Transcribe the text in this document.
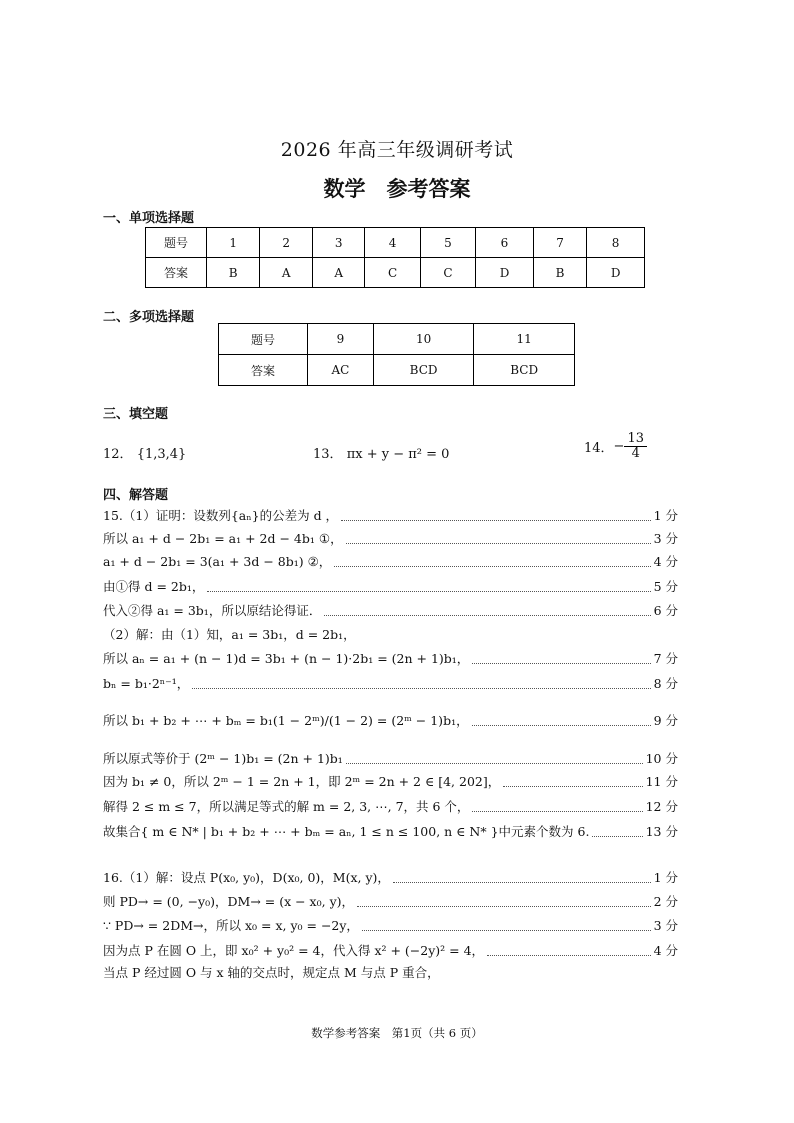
2026 年高三年级调研考试
数学　参考答案
一、单项选择题
题号	1	2	3	4	5	6	7	8
答案	B	A	A	C	C	D	B	D
二、多项选择题
题号	9	10	11
答案	AC	BCD	BCD
三、填空题
12． {1,3,4}	13． πx + y − π² = 0	14． − $\frac{13}{4}$
四、解答题
15.（1）证明：设数列{aₙ}的公差为 d ，	1 分
所以 a₁ + d − 2b₁ = a₁ + 2d − 4b₁ ①，	3 分
a₁ + d − 2b₁ = 3(a₁ + 3d − 8b₁) ②，	4 分
由①得 d = 2b₁，	5 分
代入②得 a₁ = 3b₁，所以原结论得证．	6 分
（2）解：由（1）知，a₁ = 3b₁，d = 2b₁，
所以 aₙ = a₁ + (n − 1)d = 3b₁ + (n − 1)·2b₁ = (2n + 1)b₁，	7 分
bₙ = b₁·2ⁿ⁻¹，	8 分
所以 b₁ + b₂ + ⋯ + bₘ = b₁(1 − 2ᵐ)/(1 − 2) = (2ᵐ − 1)b₁，	9 分
所以原式等价于 (2ᵐ − 1)b₁ = (2n + 1)b₁	10 分
因为 b₁ ≠ 0，所以 2ᵐ − 1 = 2n + 1，即 2ᵐ = 2n + 2 ∈ [4, 202]，	11 分
解得 2 ≤ m ≤ 7，所以满足等式的解 m = 2, 3, ⋯, 7，共 6 个，	12 分
故集合{ m ∈ N* | b₁ + b₂ + ⋯ + bₘ = aₙ, 1 ≤ n ≤ 100, n ∈ N* }中元素个数为 6.	13 分
16.（1）解：设点 P(x₀, y₀)，D(x₀, 0)，M(x, y)，	1 分
则 PD→ = (0, −y₀)，DM→ = (x − x₀, y)，	2 分
∵ PD→ = 2DM→，所以 x₀ = x, y₀ = −2y，	3 分
因为点 P 在圆 O 上，即 x₀² + y₀² = 4，代入得 x² + (−2y)² = 4，	4 分
当点 P 经过圆 O 与 x 轴的交点时，规定点 M 与点 P 重合，
数学参考答案　第1页（共 6 页）
